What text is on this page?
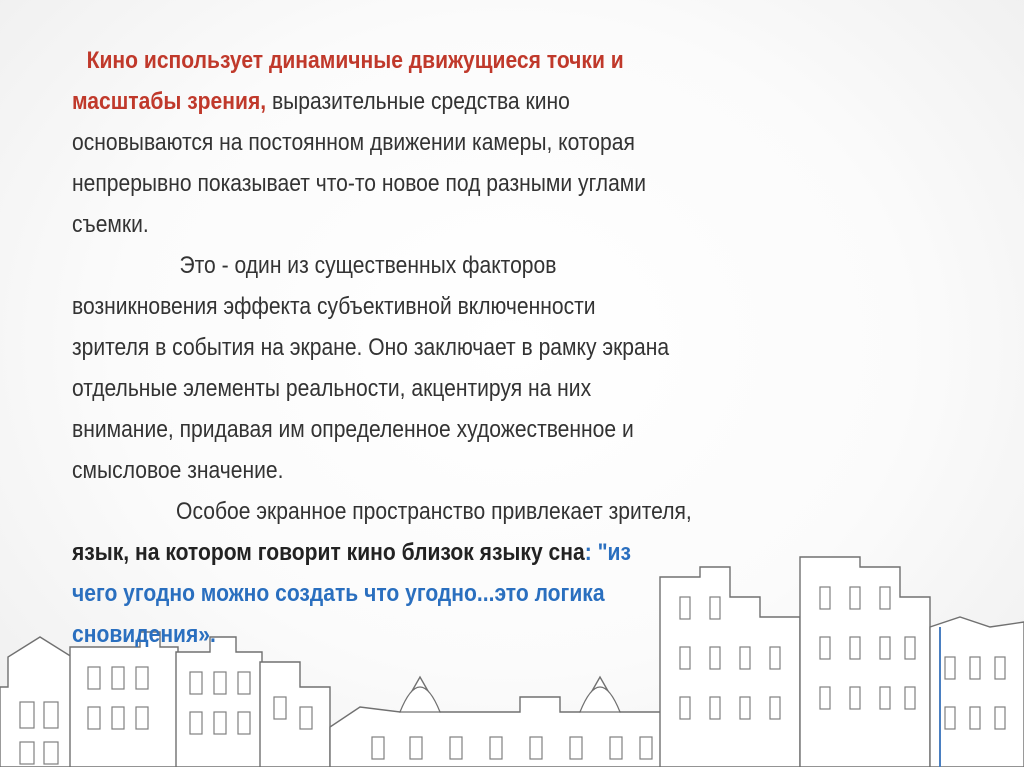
Кино использует динамичные движущиеся точки и
масштабы зрения, выразительные средства кино
основываются на постоянном движении камеры, которая
непрерывно показывает что-то новое под разными углами
съемки.
Это - один из существенных факторов
возникновения эффекта субъективной включенности
зрителя в события на экране. Оно заключает в рамку экрана
отдельные элементы реальности, акцентируя на них
внимание, придавая им определенное художественное и
смысловое значение.
Особое экранное пространство привлекает зрителя,
язык, на котором говорит кино близок языку сна: "из
чего угодно можно создать что угодно...это логика
сновидения».
